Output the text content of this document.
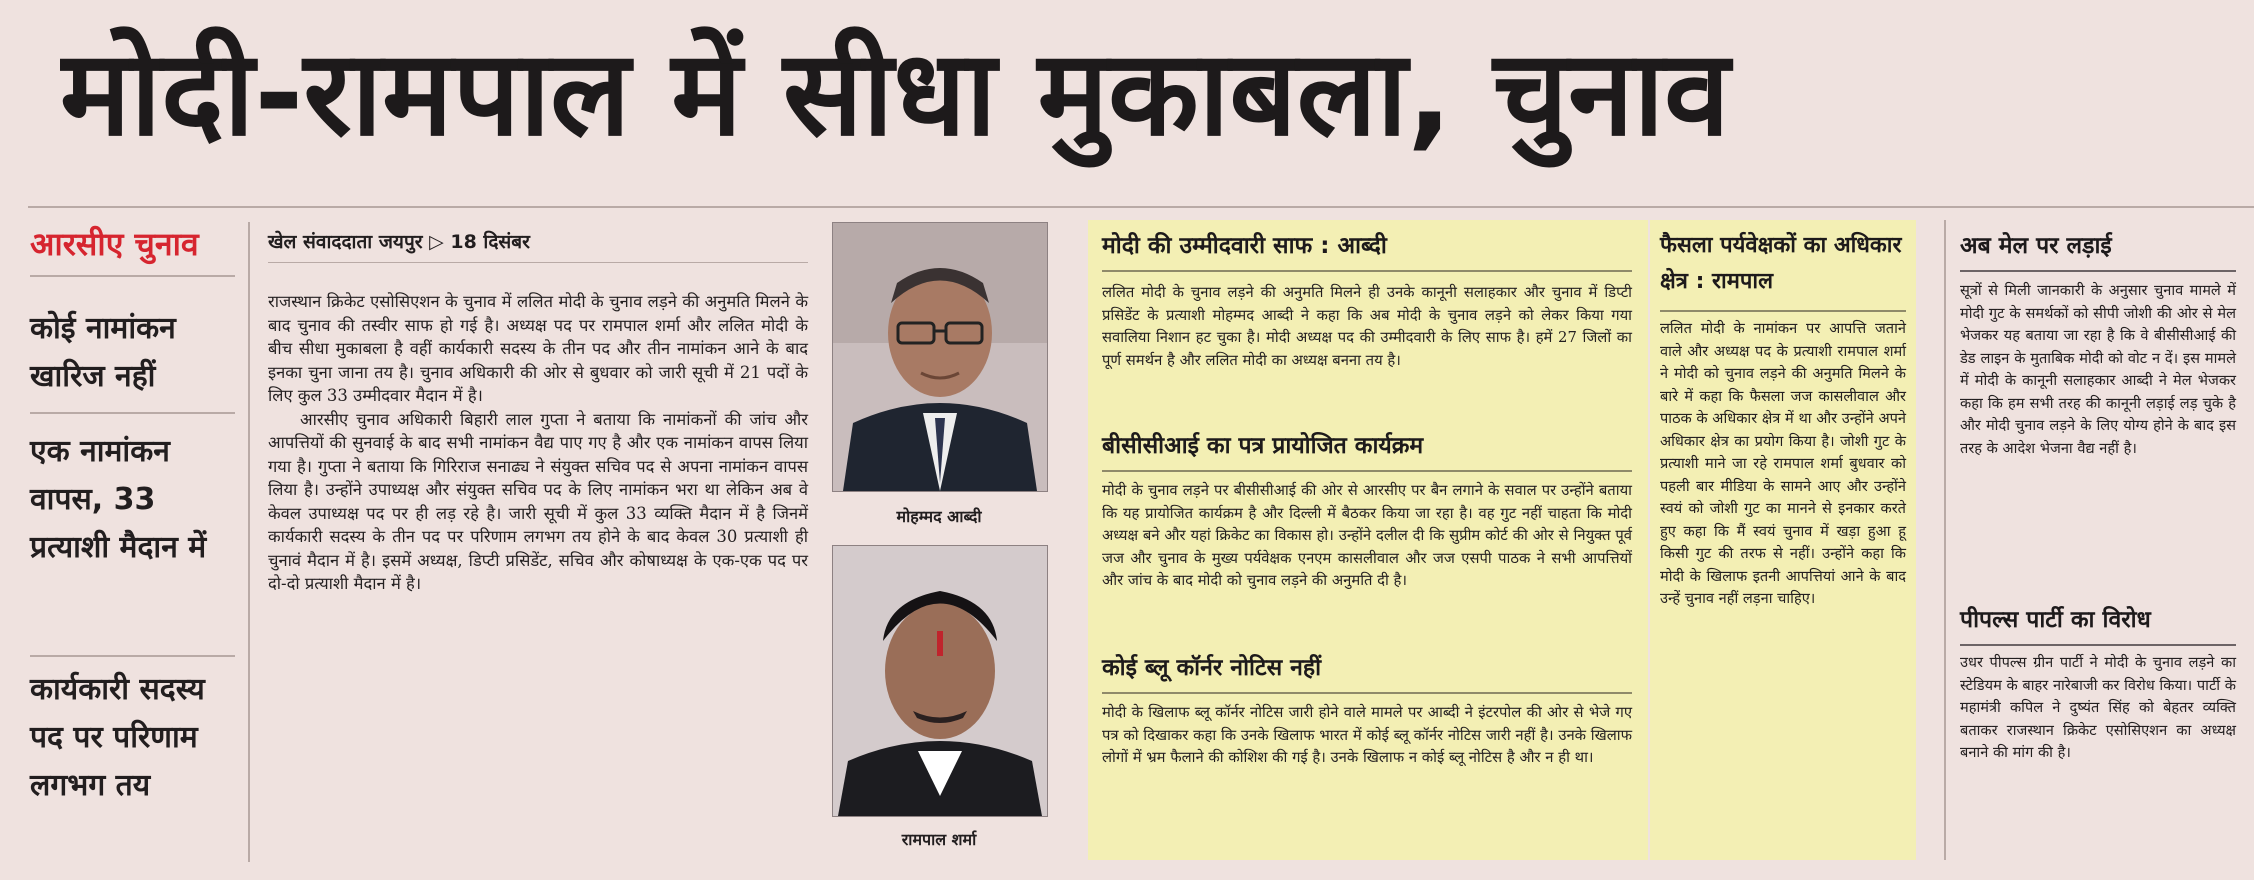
मोदी-रामपाल में सीधा मुकाबला, चुनाव
आरसीए चुनाव
कोई नामांकन खारिज नहीं
एक नामांकन वापस, 33 प्रत्याशी मैदान में
कार्यकारी सदस्य पद पर परिणाम लगभग तय
खेल संवाददाता जयपुर ▷ 18 दिसंबर

राजस्थान क्रिकेट एसोसिएशन के चुनाव में ललित मोदी के चुनाव लड़ने की अनुमति मिलने के बाद चुनाव की तस्वीर साफ हो गई है। अध्यक्ष पद पर रामपाल शर्मा और ललित मोदी के बीच सीधा मुकाबला है वहीं कार्यकारी सदस्य के तीन पद और तीन नामांकन आने के बाद इनका चुना जाना तय है। चुनाव अधिकारी की ओर से बुधवार को जारी सूची में 21 पदों के लिए कुल 33 उम्मीदवार मैदान में है।

आरसीए चुनाव अधिकारी बिहारी लाल गुप्ता ने बताया कि नामांकनों की जांच और आपत्तियों की सुनवाई के बाद सभी नामांकन वैद्य पाए गए है और एक नामांकन वापस लिया गया है। गुप्ता ने बताया कि गिरिराज सनाढ्य ने संयुक्त सचिव पद से अपना नामांकन वापस लिया है। उन्होंने उपाध्यक्ष और संयुक्त सचिव पद के लिए नामांकन भरा था लेकिन अब वे केवल उपाध्यक्ष पद पर ही लड़ रहे है। जारी सूची में कुल 33 व्यक्ति मैदान में है जिनमें कार्यकारी सदस्य के तीन पद पर परिणाम लगभग तय होने के बाद केवल 30 प्रत्याशी ही चुनावं मैदान में है। इसमें अध्यक्ष, डिप्टी प्रसिडेंट, सचिव और कोषाध्यक्ष के एक-एक पद पर दो-दो प्रत्याशी मैदान में है।

मोहम्मद आब्दी
रामपाल शर्मा
मोदी की उम्मीदवारी साफ : आब्दी

ललित मोदी के चुनाव लड़ने की अनुमति मिलने ही उनके कानूनी सलाहकार और चुनाव में डिप्टी प्रसिडेंट के प्रत्याशी मोहम्मद आब्दी ने कहा कि अब मोदी के चुनाव लड़ने को लेकर किया गया सवालिया निशान हट चुका है। मोदी अध्यक्ष पद की उम्मीदवारी के लिए साफ है। हमें 27 जिलों का पूर्ण समर्थन है और ललित मोदी का अध्यक्ष बनना तय है।

बीसीसीआई का पत्र प्रायोजित कार्यक्रम

मोदी के चुनाव लड़ने पर बीसीसीआई की ओर से आरसीए पर बैन लगाने के सवाल पर उन्होंने बताया कि यह प्रायोजित कार्यक्रम है और दिल्ली में बैठकर किया जा रहा है। वह गुट नहीं चाहता कि मोदी अध्यक्ष बने और यहां क्रिकेट का विकास हो। उन्होंने दलील दी कि सुप्रीम कोर्ट की ओर से नियुक्त पूर्व जज और चुनाव के मुख्य पर्यवेक्षक एनएम कासलीवाल और जज एसपी पाठक ने सभी आपत्तियों और जांच के बाद मोदी को चुनाव लड़ने की अनुमति दी है।

कोई ब्लू कॉर्नर नोटिस नहीं

मोदी के खिलाफ ब्लू कॉर्नर नोटिस जारी होने वाले मामले पर आब्दी ने इंटरपोल की ओर से भेजे गए पत्र को दिखाकर कहा कि उनके खिलाफ भारत में कोई ब्लू कॉर्नर नोटिस जारी नहीं है। उनके खिलाफ लोगों में भ्रम फैलाने की कोशिश की गई है। उनके खिलाफ न कोई ब्लू नोटिस है और न ही था।

फैसला पर्यवेक्षकों का अधिकार क्षेत्र : रामपाल

ललित मोदी के नामांकन पर आपत्ति जताने वाले और अध्यक्ष पद के प्रत्याशी रामपाल शर्मा ने मोदी को चुनाव लड़ने की अनुमति मिलने के बारे में कहा कि फैसला जज कासलीवाल और पाठक के अधिकार क्षेत्र में था और उन्होंने अपने अधिकार क्षेत्र का प्रयोग किया है। जोशी गुट के प्रत्याशी माने जा रहे रामपाल शर्मा बुधवार को पहली बार मीडिया के सामने आए और उन्होंने स्वयं को जोशी गुट का मानने से इनकार करते हुए कहा कि मैं स्वयं चुनाव में खड़ा हुआ हू किसी गुट की तरफ से नहीं। उन्होंने कहा कि मोदी के खिलाफ इतनी आपत्तियां आने के बाद उन्हें चुनाव नहीं लड़ना चाहिए।

अब मेल पर लड़ाई

सूत्रों से मिली जानकारी के अनुसार चुनाव मामले में मोदी गुट के समर्थकों को सीपी जोशी की ओर से मेल भेजकर यह बताया जा रहा है कि वे बीसीसीआई की डेड लाइन के मुताबिक मोदी को वोट न दें। इस मामले में मोदी के कानूनी सलाहकार आब्दी ने मेल भेजकर कहा कि हम सभी तरह की कानूनी लड़ाई लड़ चुके है और मोदी चुनाव लड़ने के लिए योग्य होने के बाद इस तरह के आदेश भेजना वैद्य नहीं है।

पीपल्स पार्टी का विरोध

उधर पीपल्स ग्रीन पार्टी ने मोदी के चुनाव लड़ने का स्टेडियम के बाहर नारेबाजी कर विरोध किया। पार्टी के महामंत्री कपिल ने दुष्यंत सिंह को बेहतर व्यक्ति बताकर राजस्थान क्रिकेट एसोसिएशन का अध्यक्ष बनाने की मांग की है।
